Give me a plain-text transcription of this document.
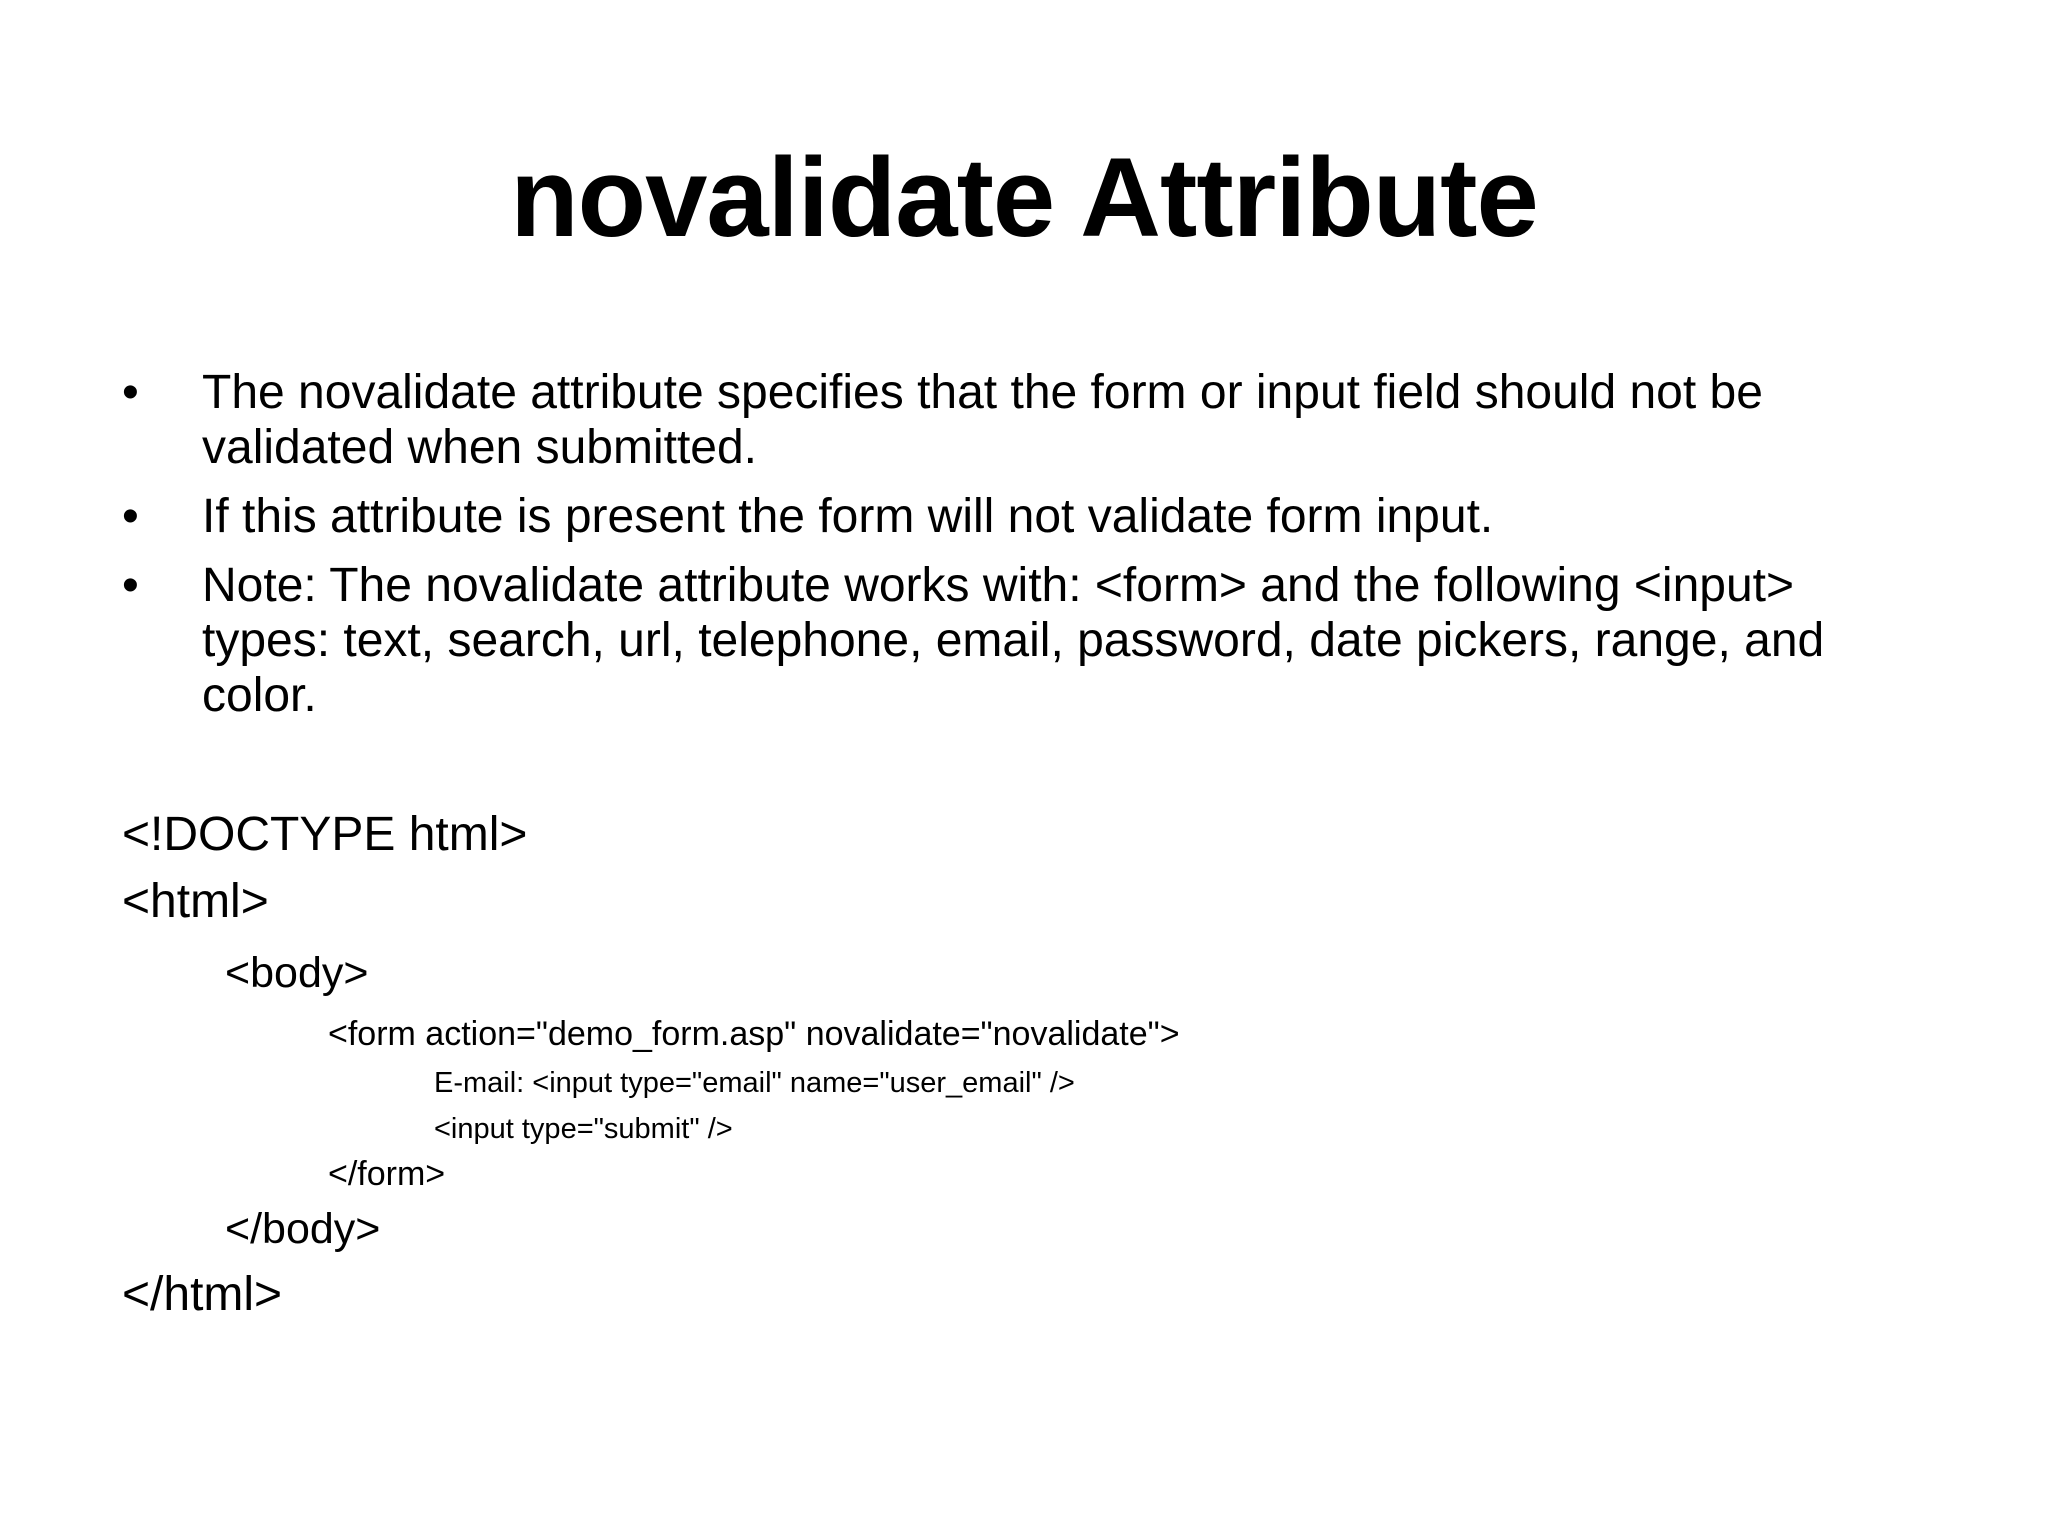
novalidate Attribute
• The novalidate attribute specifies that the form or input field should not be validated when submitted.
• If this attribute is present the form will not validate form input.
• Note: The novalidate attribute works with: <form> and the following <input> types: text, search, url, telephone, email, password, date pickers, range, and color.
<!DOCTYPE html>
<html>
<body>
<form action="demo_form.asp" novalidate="novalidate">
E-mail: <input type="email" name="user_email" />
<input type="submit" />
</form>
</body>
</html>
